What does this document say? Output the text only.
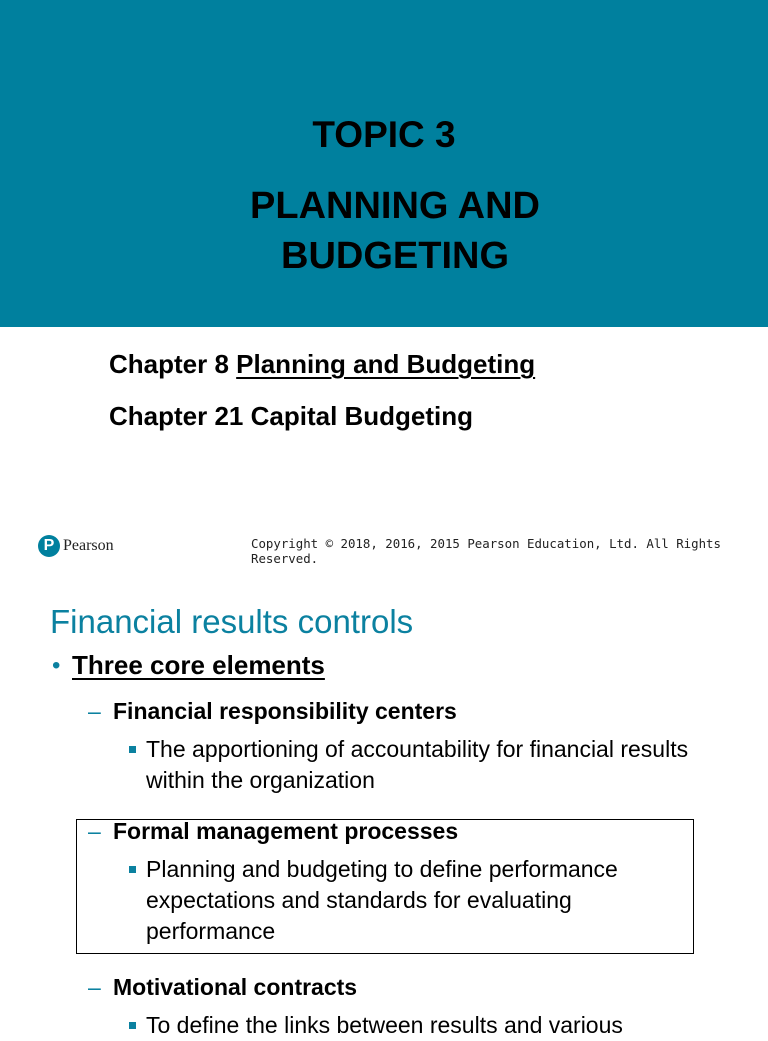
TOPIC 3
PLANNING AND BUDGETING
Chapter 8 Planning and Budgeting
Chapter 21 Capital Budgeting
P Pearson	Copyright © 2018, 2016, 2015 Pearson Education, Ltd. All Rights Reserved.
Financial results controls
• Three core elements
– Financial responsibility centers
The apportioning of accountability for financial results within the organization
– Formal management processes
Planning and budgeting to define performance expectations and standards for evaluating performance
– Motivational contracts
To define the links between results and various
